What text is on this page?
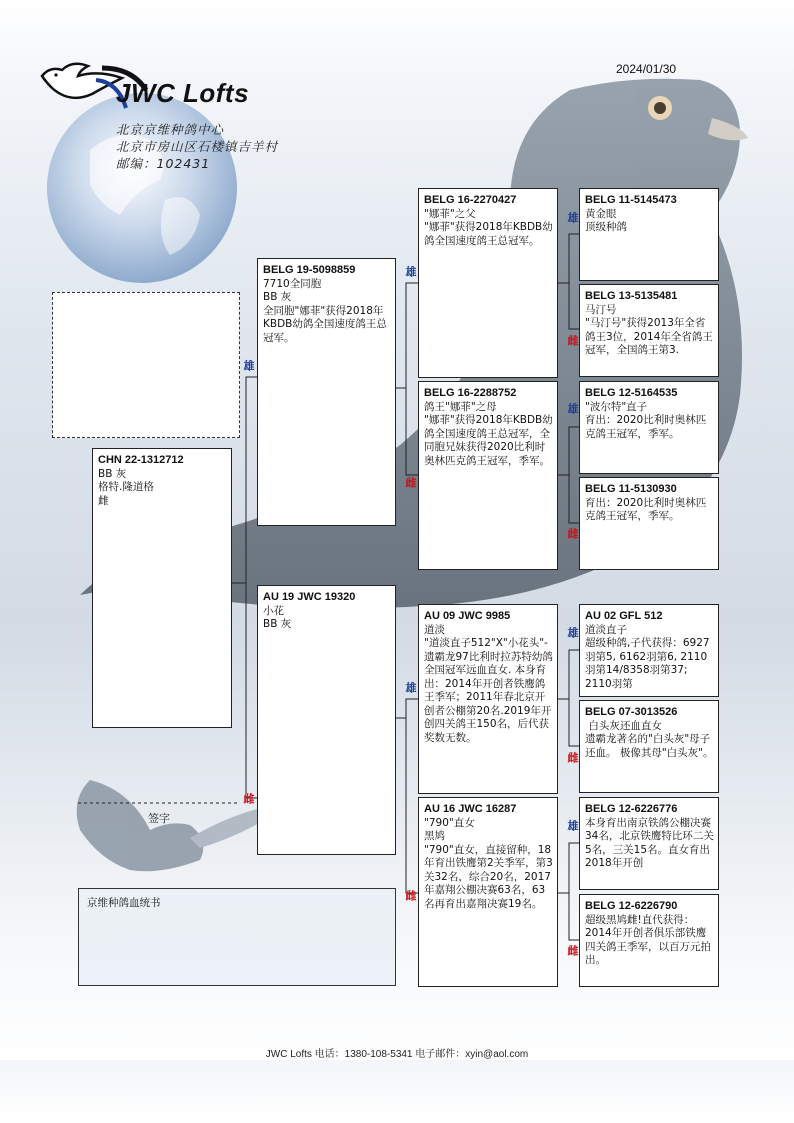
2024/01/30
JWC Lofts
北京京维种鸽中心
北京市房山区石楼镇吉羊村
邮编：102431
CHN 22-1312712
BB 灰
格特.隆道格
雌
BELG 19-5098859
7710全同胞
BB 灰
全同胞"娜菲"获得2018年KBDB幼鸽全国速度鸽王总冠军。
AU 19 JWC 19320
小花
BB 灰
BELG 16-2270427
"娜菲"之父
"娜菲"获得2018年KBDB幼鸽全国速度鸽王总冠军。
BELG 16-2288752
鸽王"娜菲"之母
"娜菲"获得2018年KBDB幼鸽全国速度鸽王总冠军，全同胞兄妹获得2020比利时奥林匹克鸽王冠军，季军。
AU 09 JWC 9985
道淡
"道淡直子512"X"小花头"-遗霸龙97比利时拉苏特幼鸽全国冠军远血直女. 本身育出：2014年开创者铁鹰鸽王季军；2011年春北京开创者公棚第20名.2019年开创四关鸽王150名，后代获奖数无数。
AU 16 JWC 16287
"790"直女
黑鸠
"790"直女，直接留种，18年育出铁鹰第2关季军，第3关32名，综合20名，2017年嘉翔公棚决赛63名，63名再育出嘉翔决赛19名。
BELG 11-5145473
黄金眼
顶级种鸽
BELG 13-5135481
马汀号
"马汀号"获得2013年全省鸽王3位，2014年全省鸽王冠军，全国鸽王第3.
BELG 12-5164535
"波尔特"直子
育出：2020比利时奥林匹克鸽王冠军，季军。
BELG 11-5130930
育出：2020比利时奥林匹克鸽王冠军，季军。
AU 02 GFL 512
道淡直子
超级种鸽,子代获得：6927羽第5, 6162羽第6, 2110羽第14/8358羽第37; 2110羽第
BELG 07-3013526
白头灰还血直女
遗霸龙著名的"白头灰"母子还血。 极像其母"白头灰"。
BELG 12-6226776
本身育出南京铁鸽公棚决赛34名，北京铁鹰特比环二关5名，三关15名。直女育出2018年开创
BELG 12-6226790
超级黑鸠雌!直代获得：2014年开创者俱乐部铁鹰四关鸽王季军，以百万元拍出。
雄
雌
雄
雌
雄
雌
雄
雌
雄
雌
雄
雌
雄
雌
签字
京维种鸽血统书
JWC Lofts 电话：1380-108-5341 电子邮件：xyin@aol.com
